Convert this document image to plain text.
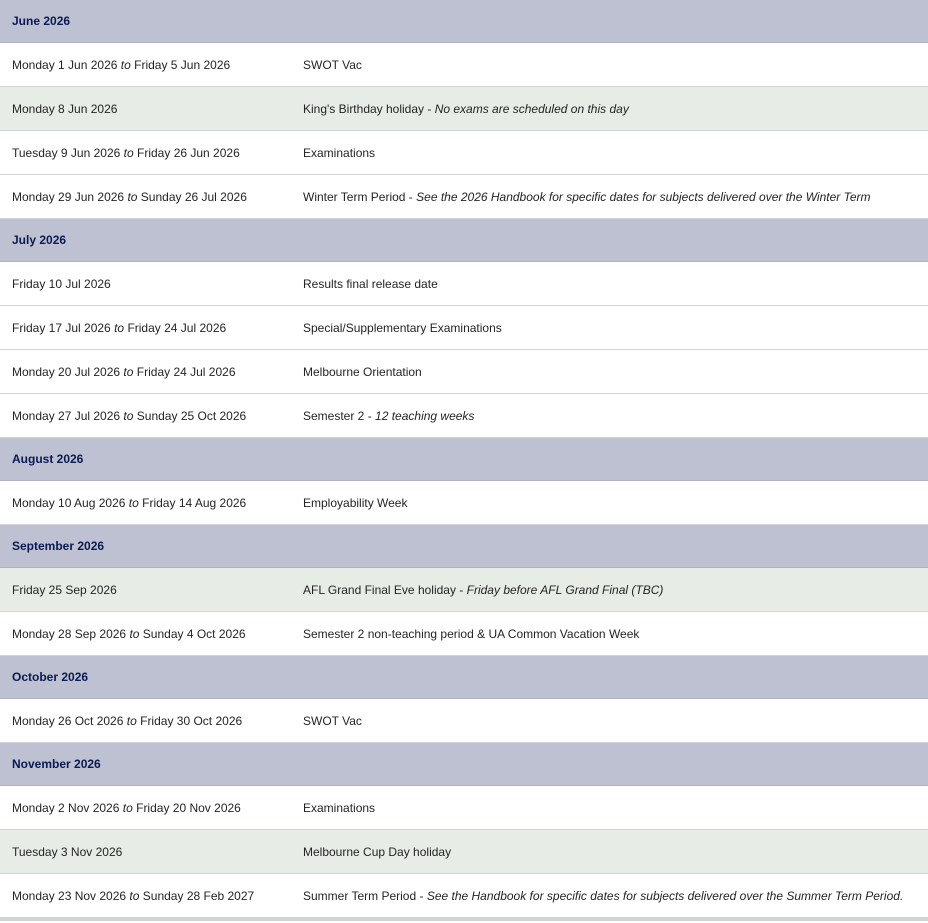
June 2026
Monday 1 Jun 2026 to Friday 5 Jun 2026	SWOT Vac
Monday 8 Jun 2026	King's Birthday holiday - No exams are scheduled on this day
Tuesday 9 Jun 2026 to Friday 26 Jun 2026	Examinations
Monday 29 Jun 2026 to Sunday 26 Jul 2026	Winter Term Period - See the 2026 Handbook for specific dates for subjects delivered over the Winter Term
July 2026
Friday 10 Jul 2026	Results final release date
Friday 17 Jul 2026 to Friday 24 Jul 2026	Special/Supplementary Examinations
Monday 20 Jul 2026 to Friday 24 Jul 2026	Melbourne Orientation
Monday 27 Jul 2026 to Sunday 25 Oct 2026	Semester 2 - 12 teaching weeks
August 2026
Monday 10 Aug 2026 to Friday 14 Aug 2026	Employability Week
September 2026
Friday 25 Sep 2026	AFL Grand Final Eve holiday - Friday before AFL Grand Final (TBC)
Monday 28 Sep 2026 to Sunday 4 Oct 2026	Semester 2 non-teaching period & UA Common Vacation Week
October 2026
Monday 26 Oct 2026 to Friday 30 Oct 2026	SWOT Vac
November 2026
Monday 2 Nov 2026 to Friday 20 Nov 2026	Examinations
Tuesday 3 Nov 2026	Melbourne Cup Day holiday
Monday 23 Nov 2026 to Sunday 28 Feb 2027	Summer Term Period - See the Handbook for specific dates for subjects delivered over the Summer Term Period.
